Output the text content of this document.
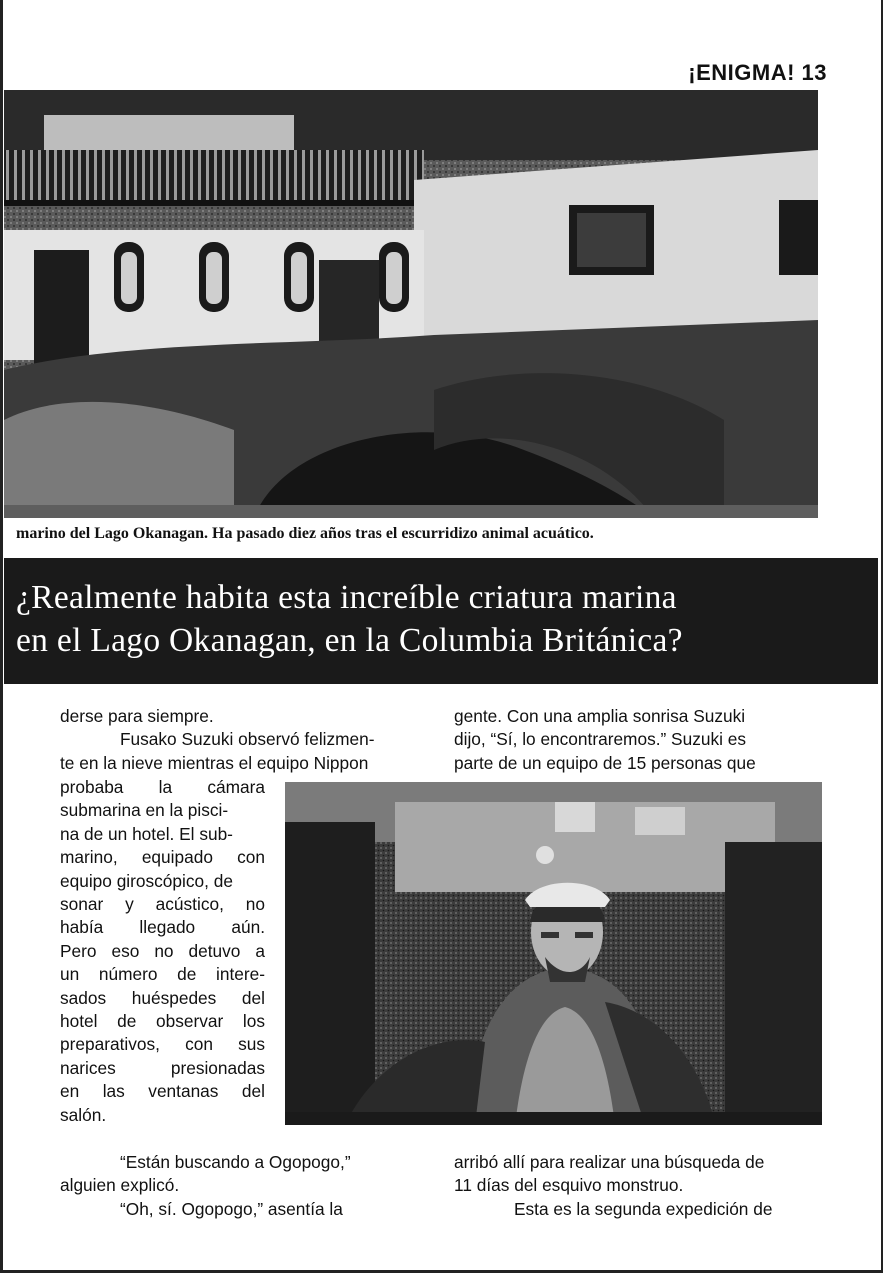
¡ENIGMA! 13
marino del Lago Okanagan. Ha pasado diez años tras el escurridizo animal acuático.
¿Realmente habita esta increíble criatura marina
en el Lago Okanagan, en la Columbia Británica?
derse para siempre.
Fusako Suzuki observó felizmen-
te en la nieve mientras el equipo Nippon
probaba la cámara
submarina en la pisci-
na de un hotel. El sub-
marino, equipado con
equipo giroscópico, de
sonar y acústico, no
había llegado aún.
Pero eso no detuvo a
un número de intere-
sados huéspedes del
hotel de observar los
preparativos, con sus
narices presionadas
en las ventanas del
salón.
“Están buscando a Ogopogo,”
alguien explicó.
“Oh, sí. Ogopogo,” asentía la
gente. Con una amplia sonrisa Suzuki
dijo, “Sí, lo encontraremos.” Suzuki es
parte de un equipo de 15 personas que
arribó allí para realizar una búsqueda de
11 días del esquivo monstruo.
Esta es la segunda expedición de
